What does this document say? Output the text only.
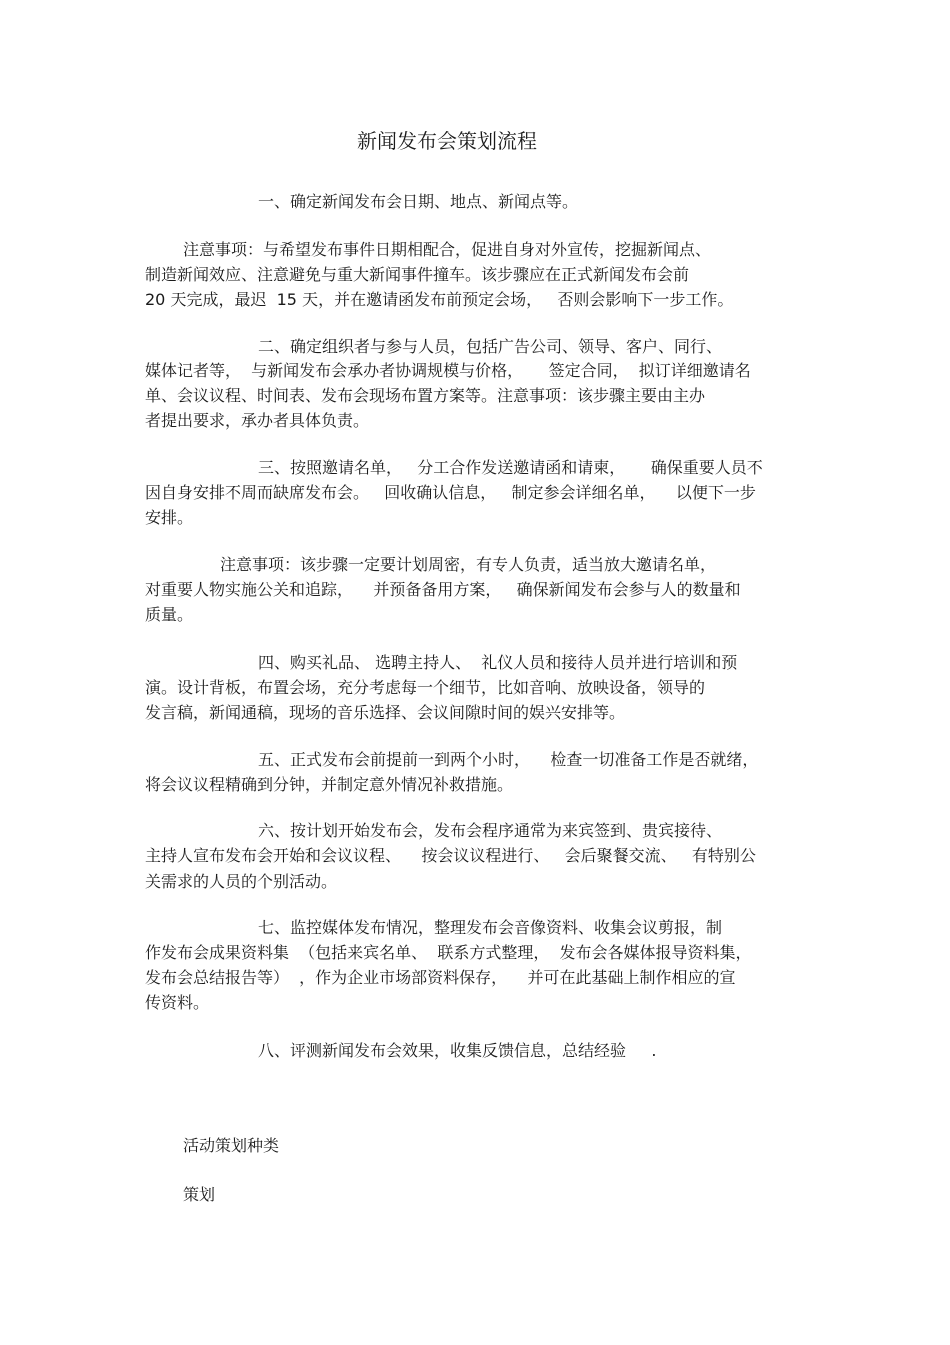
新闻发布会策划流程
一、确定新闻发布会日期、地点、新闻点等。
注意事项：与希望发布事件日期相配合，促进自身对外宣传，挖掘新闻点、
制造新闻效应、注意避免与重大新闻事件撞车。该步骤应在正式新闻发布会前
20 天完成，最迟  15 天，并在邀请函发布前预定会场，   否则会影响下一步工作。
二、确定组织者与参与人员，包括广告公司、领导、客户、同行、
媒体记者等，  与新闻发布会承办者协调规模与价格，     签定合同，  拟订详细邀请名
单、会议议程、时间表、发布会现场布置方案等。注意事项：该步骤主要由主办
者提出要求，承办者具体负责。
三、按照邀请名单，   分工合作发送邀请函和请柬，     确保重要人员不
因自身安排不周而缺席发布会。   回收确认信息，   制定参会详细名单，    以便下一步
安排。
注意事项：该步骤一定要计划周密，有专人负责，适当放大邀请名单，
对重要人物实施公关和追踪，    并预备备用方案，   确保新闻发布会参与人的数量和
质量。
四、购买礼品、 选聘主持人、  礼仪人员和接待人员并进行培训和预
演。设计背板，布置会场，充分考虑每一个细节，比如音响、放映设备，领导的
发言稿，新闻通稿，现场的音乐选择、会议间隙时间的娱兴安排等。
五、正式发布会前提前一到两个小时，    检查一切准备工作是否就绪，
将会议议程精确到分钟，并制定意外情况补救措施。
六、按计划开始发布会，发布会程序通常为来宾签到、贵宾接待、
主持人宣布发布会开始和会议议程、    按会议议程进行、   会后聚餐交流、   有特别公
关需求的人员的个别活动。
七、监控媒体发布情况，整理发布会音像资料、收集会议剪报，制
作发布会成果资料集  （包括来宾名单、  联系方式整理，  发布会各媒体报导资料集，
发布会总结报告等）  ，作为企业市场部资料保存，    并可在此基础上制作相应的宣
传资料。
八、评测新闻发布会效果，收集反馈信息，总结经验     .
活动策划种类
策划
